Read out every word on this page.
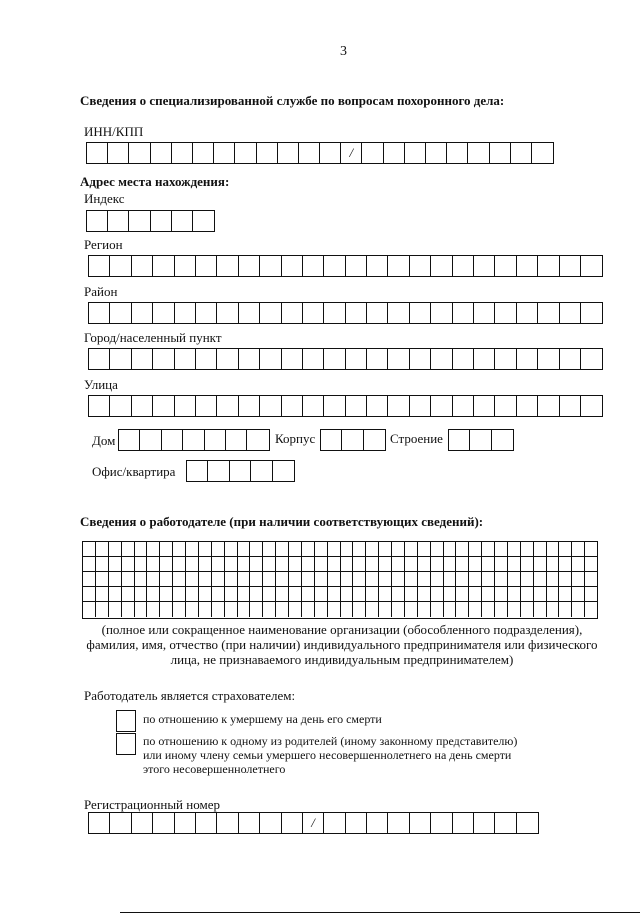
3
Сведения о специализированной службе по вопросам похоронного дела:
ИНН/КПП
/
Адрес места нахождения:
Индекс
Регион
Район
Город/населенный пункт
Улица
Дом	Корпус	Строение
Офис/квартира
Сведения о работодателе (при наличии соответствующих сведений):
(полное или сокращенное наименование организации (обособленного подразделения),
фамилия, имя, отчество (при наличии) индивидуального предпринимателя или физического
лица, не признаваемого индивидуальным предпринимателем)
Работодатель является страхователем:
по отношению к умершему на день его смерти
по отношению к одному из родителей (иному законному представителю)
или иному члену семьи умершего несовершеннолетнего на день смерти
этого несовершеннолетнего
Регистрационный номер
/
